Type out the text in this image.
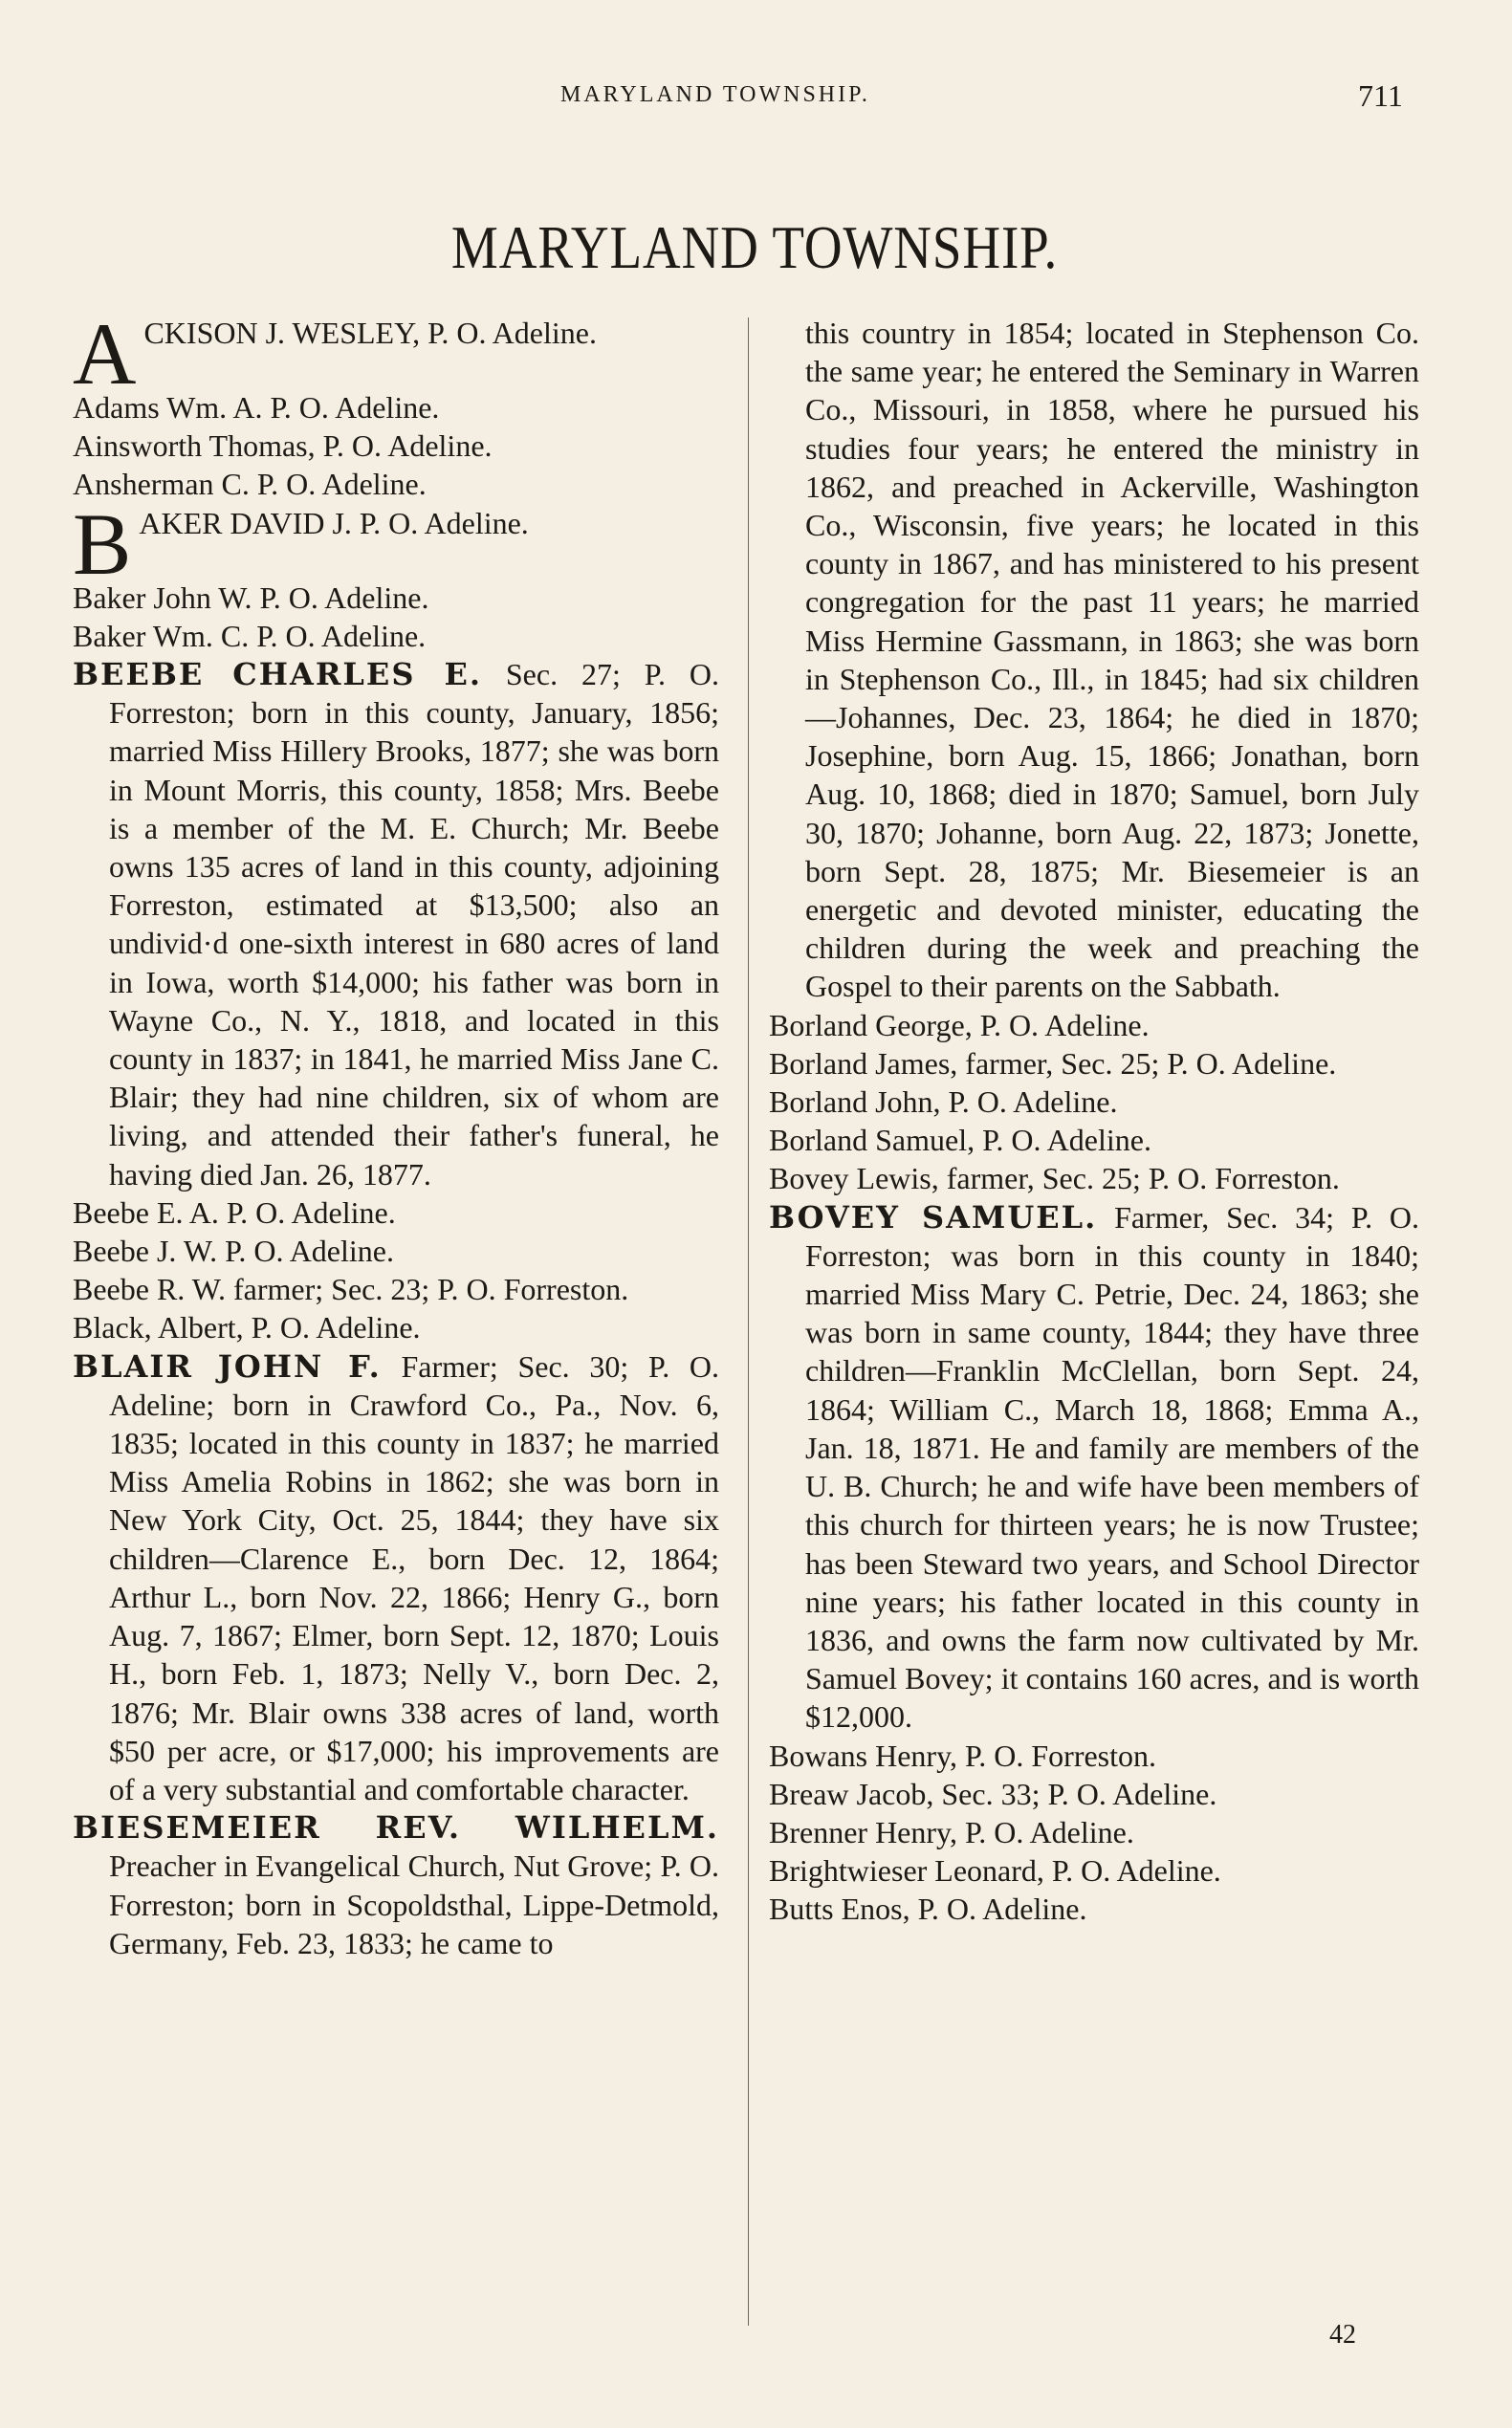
MARYLAND TOWNSHIP.	711
MARYLAND TOWNSHIP.

A CKISON J. WESLEY, P. O. Adeline.

Adams Wm. A. P. O. Adeline.

Ainsworth Thomas, P. O. Adeline.

Ansherman C. P. O. Adeline.

B AKER DAVID J. P. O. Adeline.

Baker John W. P. O. Adeline.

Baker Wm. C. P. O. Adeline.

BEEBE CHARLES E. Sec. 27; P. O. Forreston; born in this county, January, 1856; married Miss Hillery Brooks, 1877; she was born in Mount Morris, this county, 1858; Mrs. Beebe is a member of the M. E. Church; Mr. Beebe owns 135 acres of land in this county, adjoining Forreston, estimated at $13,500; also an undivid·d one-sixth interest in 680 acres of land in Iowa, worth $14,000; his father was born in Wayne Co., N. Y., 1818, and located in this county in 1837; in 1841, he married Miss Jane C. Blair; they had nine children, six of whom are living, and attended their father's funeral, he having died Jan. 26, 1877.

Beebe E. A. P. O. Adeline.

Beebe J. W. P. O. Adeline.

Beebe R. W. farmer; Sec. 23; P. O. Forreston.

Black, Albert, P. O. Adeline.

BLAIR JOHN F. Farmer; Sec. 30; P. O. Adeline; born in Crawford Co., Pa., Nov. 6, 1835; located in this county in 1837; he married Miss Amelia Robins in 1862; she was born in New York City, Oct. 25, 1844; they have six children—Clarence E., born Dec. 12, 1864; Arthur L., born Nov. 22, 1866; Henry G., born Aug. 7, 1867; Elmer, born Sept. 12, 1870; Louis H., born Feb. 1, 1873; Nelly V., born Dec. 2, 1876; Mr. Blair owns 338 acres of land, worth $50 per acre, or $17,000; his improvements are of a very substantial and comfortable character.

BIESEMEIER REV. WILHELM. Preacher in Evangelical Church, Nut Grove; P. O. Forreston; born in Scopoldsthal, Lippe-Detmold, Germany, Feb. 23, 1833; he came to

this country in 1854; located in Stephenson Co. the same year; he entered the Seminary in Warren Co., Missouri, in 1858, where he pursued his studies four years; he entered the ministry in 1862, and preached in Ackerville, Washington Co., Wisconsin, five years; he located in this county in 1867, and has ministered to his present congregation for the past 11 years; he married Miss Hermine Gassmann, in 1863; she was born in Stephenson Co., Ill., in 1845; had six children—Johannes, Dec. 23, 1864; he died in 1870; Josephine, born Aug. 15, 1866; Jonathan, born Aug. 10, 1868; died in 1870; Samuel, born July 30, 1870; Johanne, born Aug. 22, 1873; Jonette, born Sept. 28, 1875; Mr. Biesemeier is an energetic and devoted minister, educating the children during the week and preaching the Gospel to their parents on the Sabbath.

Borland George, P. O. Adeline.

Borland James, farmer, Sec. 25; P. O. Adeline.

Borland John, P. O. Adeline.

Borland Samuel, P. O. Adeline.

Bovey Lewis, farmer, Sec. 25; P. O. Forreston.

BOVEY SAMUEL. Farmer, Sec. 34; P. O. Forreston; was born in this county in 1840; married Miss Mary C. Petrie, Dec. 24, 1863; she was born in same county, 1844; they have three children—Franklin McClellan, born Sept. 24, 1864; William C., March 18, 1868; Emma A., Jan. 18, 1871. He and family are members of the U. B. Church; he and wife have been members of this church for thirteen years; he is now Trustee; has been Steward two years, and School Director nine years; his father located in this county in 1836, and owns the farm now cultivated by Mr. Samuel Bovey; it contains 160 acres, and is worth $12,000.

Bowans Henry, P. O. Forreston.

Breaw Jacob, Sec. 33; P. O. Adeline.

Brenner Henry, P. O. Adeline.

Brightwieser Leonard, P. O. Adeline.

Butts Enos, P. O. Adeline.

42
